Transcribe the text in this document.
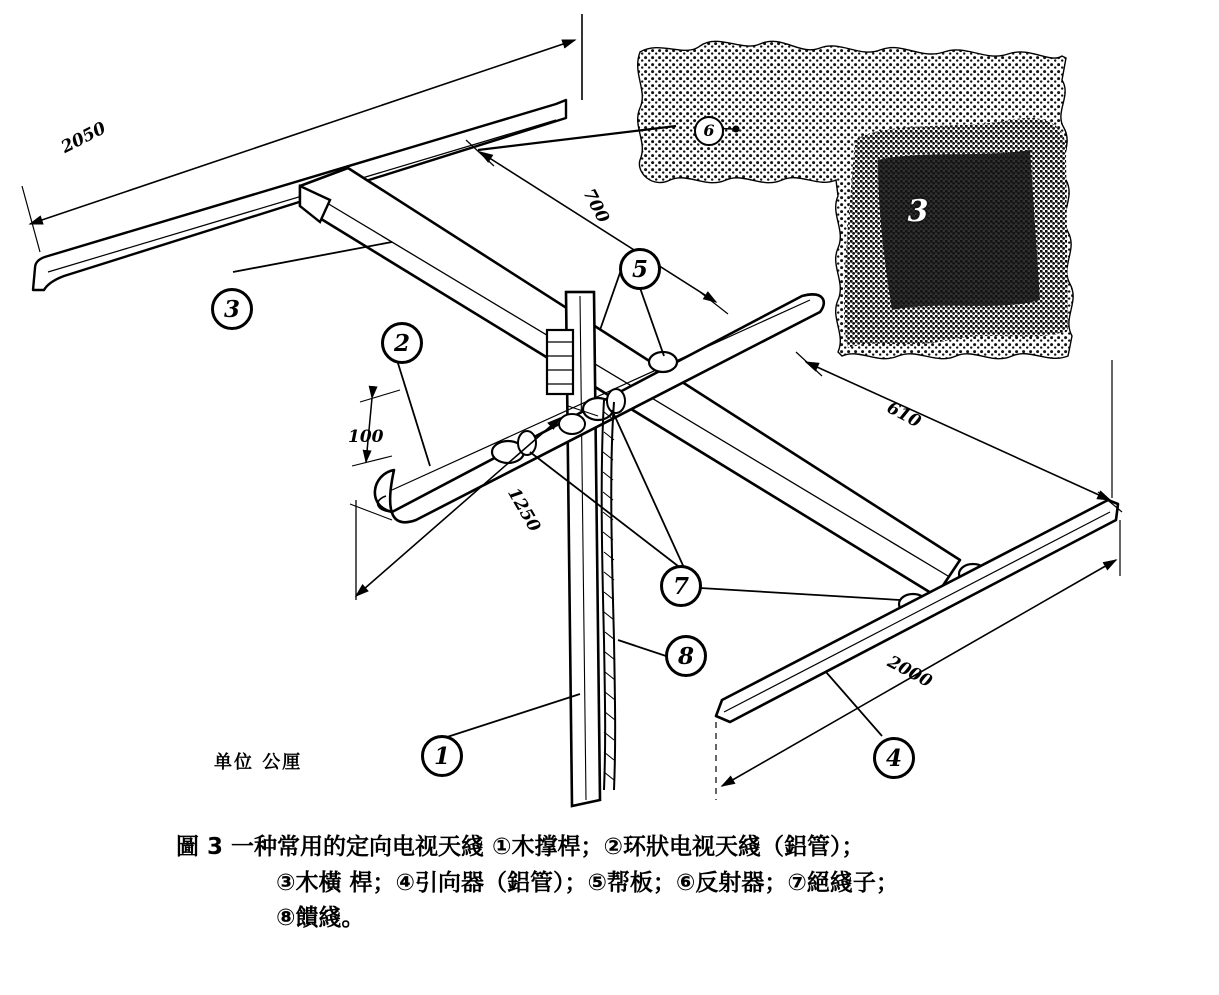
2050
700
610
100
1250
2000
3
2
5
6
3
7
8
1	4
单位 公厘
圖 3 一种常用的定向电视天綫 ①木撑桿；②环狀电视天綫（鋁管）；
③木橫 桿；④引向器（鋁管）；⑤帮板；⑥反射器；⑦絕綫子；
⑧饋綫。
